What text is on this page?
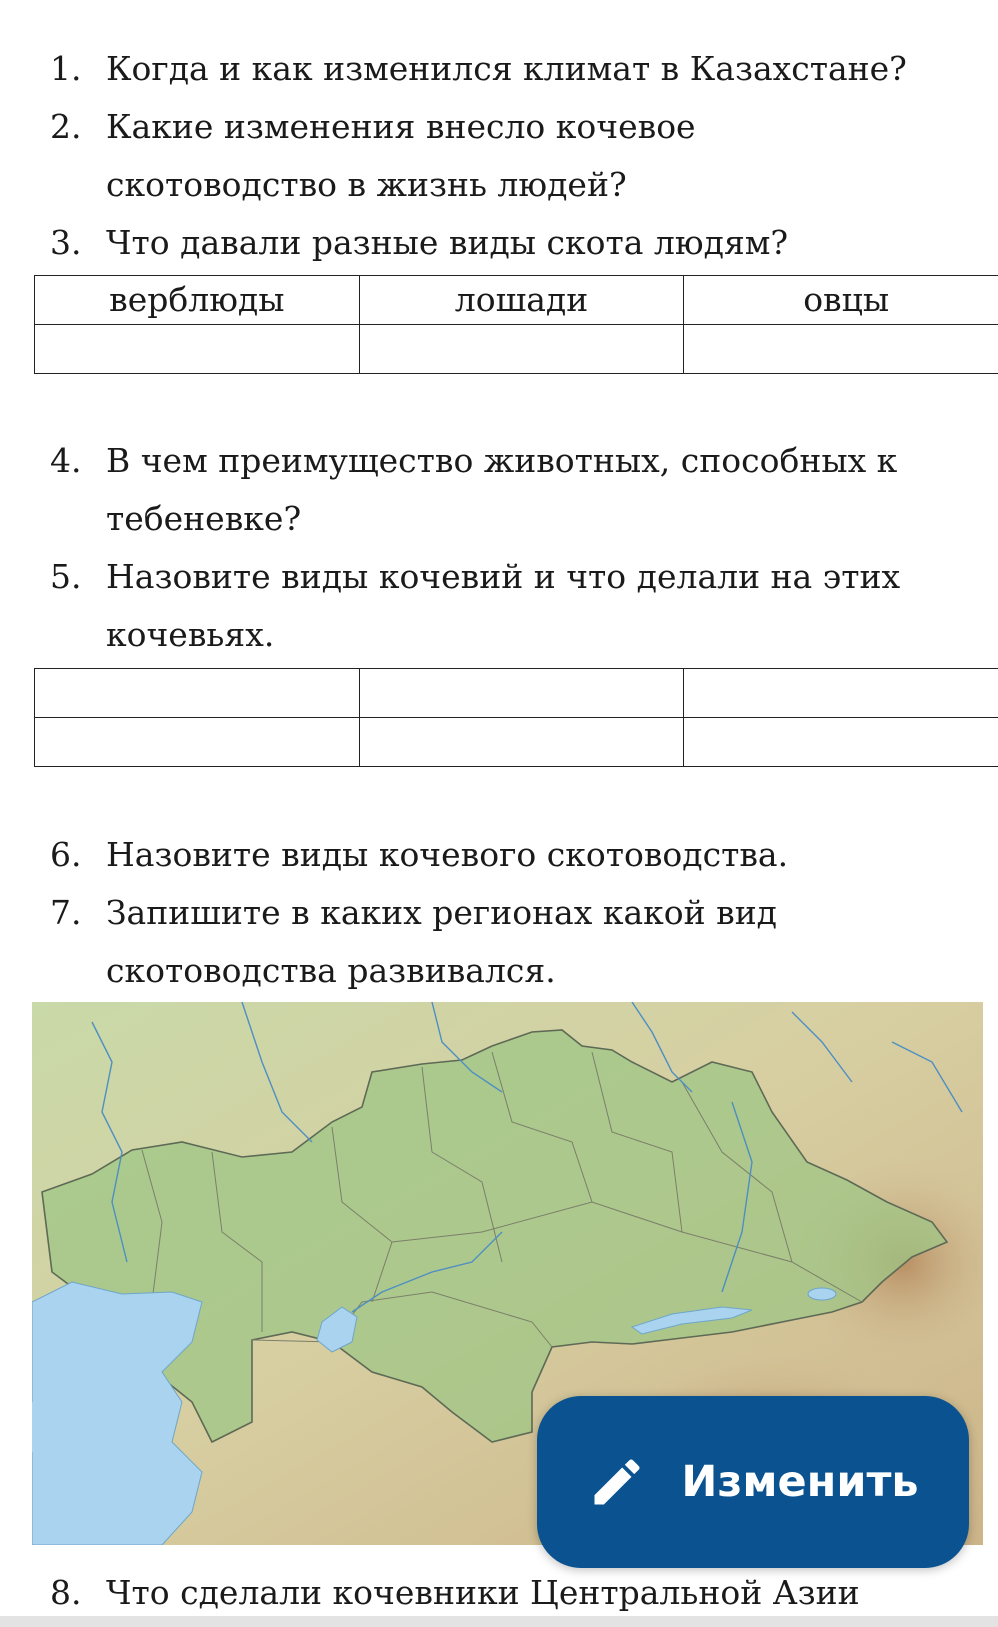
1. Когда и как изменился климат в Казахстане?
2. Какие изменения внесло кочевое
скотоводство в жизнь людей?
3. Что давали разные виды скота людям?
верблюды	лошади	овцы

4. В чем преимущество животных, способных к
тебеневке?
5. Назовите виды кочевий и что делали на этих
кочевьях.

6. Назовите виды кочевого скотоводства.
7. Запишите в каких регионах какой вид
скотоводства развивался.
Изменить
8. Что сделали кочевники Центральной Азии
